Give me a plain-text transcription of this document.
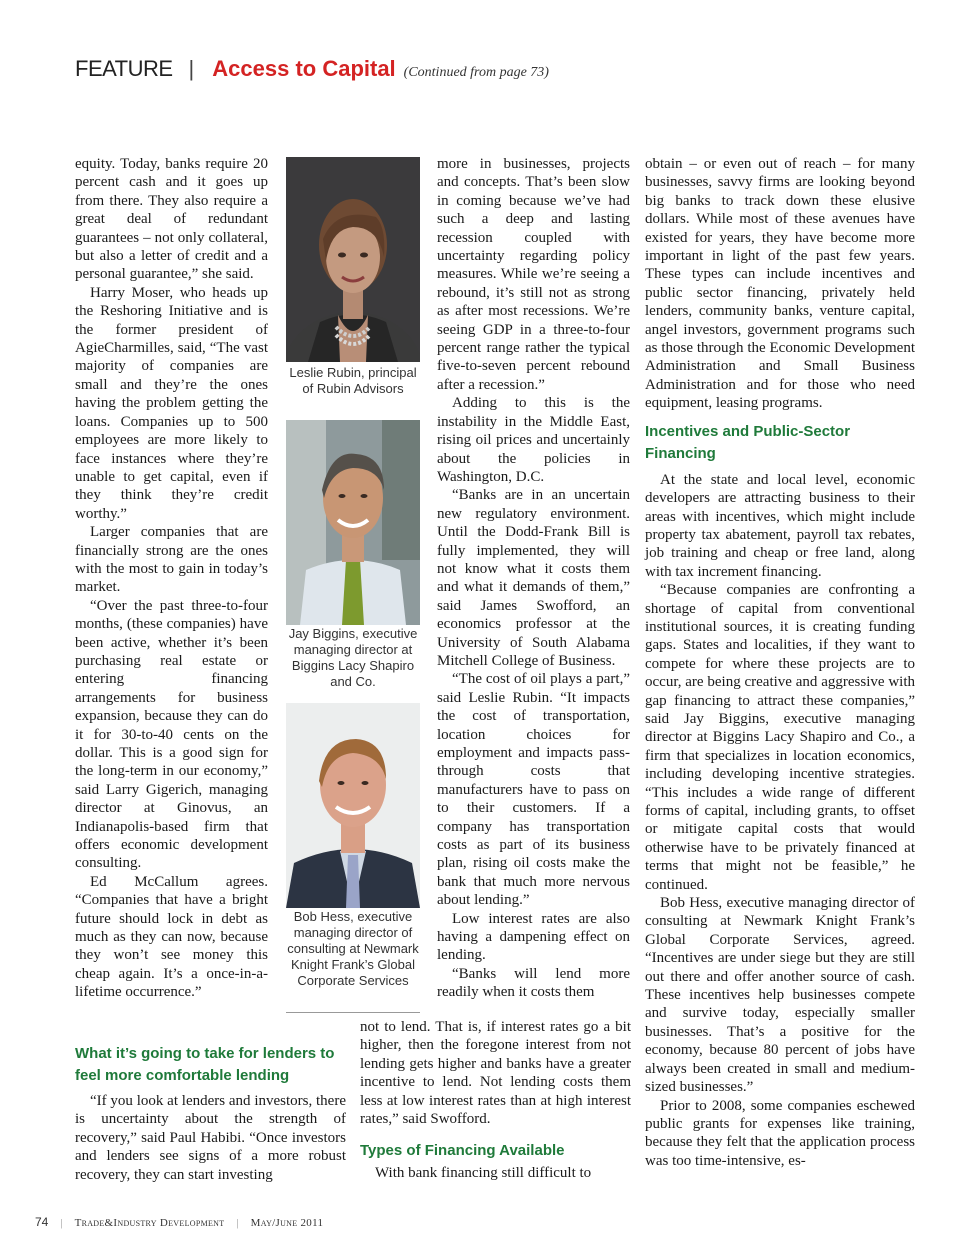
FEATURE | Access to Capital (Continued from page 73)

equity. Today, banks require 20 percent cash and it goes up from there. They also require a great deal of redundant guarantees – not only collateral, but also a letter of credit and a personal guarantee,” she said.

Harry Moser, who heads up the Reshoring Initiative and is the former president of AgieCharmilles, said, “The vast majority of companies are small and they’re the ones having the problem getting the loans. Companies up to 500 employees are more likely to face instances where they’re unable to get capital, even if they think they’re credit worthy.”

Larger companies that are financially strong are the ones with the most to gain in today’s market.

“Over the past three-to-four months, (these companies) have been active, whether it’s been purchasing real estate or entering financing arrangements for business expansion, because they can do it for 30-to-40 cents on the dollar. This is a good sign for the long-term in our economy,” said Larry Gigerich, managing director at Ginovus, an Indianapolis-based firm that offers economic development consulting.

Ed McCallum agrees. “Companies that have a bright future should lock in debt as much as they can now, because they won’t see money this cheap again. It’s a once-in-a-lifetime occurrence.”

What it’s going to take for lenders to feel more comfortable lending

“If you look at lenders and investors, there is uncertainty about the strength of recovery,” said Paul Habibi. “Once investors and lenders see signs of a more robust recovery, they can start investing

Leslie Rubin, principal of Rubin Advisors
Jay Biggins, executive managing director at Biggins Lacy Shapiro and Co.
Bob Hess, executive managing director of consulting at Newmark Knight Frank’s Global Corporate Services

more in businesses, projects and concepts. That’s been slow in coming because we’ve had such a deep and lasting recession coupled with uncertainty regarding policy measures. While we’re seeing a rebound, it’s still not as strong as after most recessions. We’re seeing GDP in a three-to-four percent range rather the typical five-to-seven percent rebound after a recession.”

Adding to this is the instability in the Middle East, rising oil prices and uncertainly about the policies in Washington, D.C.

“Banks are in an uncertain new regulatory environment. Until the Dodd-Frank Bill is fully implemented, they will not know what it costs them and what it demands of them,” said James Swofford, an economics professor at the University of South Alabama Mitchell College of Business.

“The cost of oil plays a part,” said Leslie Rubin. “It impacts the cost of transportation, location choices for employment and impacts pass-through costs that manufacturers have to pass on to their customers. If a company has transportation costs as part of its business plan, rising oil costs make the bank that much more nervous about lending.”

Low interest rates are also having a dampening effect on lending.

“Banks will lend more readily when it costs them

not to lend. That is, if interest rates go a bit higher, then the foregone interest from not lending gets higher and banks have a greater incentive to lend. Not lending costs them less at low interest rates than at high interest rates,” said Swofford.

Types of Financing Available

With bank financing still difficult to

obtain – or even out of reach – for many businesses, savvy firms are looking beyond big banks to track down these elusive dollars. While most of these avenues have existed for years, they have become more important in light of the past few years. These types can include incentives and public sector financing, privately held lenders, community banks, venture capital, angel investors, government programs such as those through the Economic Development Administration and Small Business Administration and for those who need equipment, leasing programs.

Incentives and Public-Sector Financing

At the state and local level, economic developers are attracting business to their areas with incentives, which might include property tax abatement, payroll tax rebates, job training and cheap or free land, along with tax increment financing.

“Because companies are confronting a shortage of capital from conventional institutional sources, it is creating funding gaps. States and localities, if they want to compete for where these projects are to occur, are being creative and aggressive with gap financing to attract these companies,” said Jay Biggins, executive managing director at Biggins Lacy Shapiro and Co., a firm that specializes in location economics, including developing incentive strategies. “This includes a wide range of different forms of capital, including grants, to offset or mitigate capital costs that would otherwise have to be privately financed at terms that might not be feasible,” he continued.

Bob Hess, executive managing director of consulting at Newmark Knight Frank’s Global Corporate Services, agreed. “Incentives are under siege but they are still out there and offer another source of cash. These incentives help businesses compete and survive today, especially smaller businesses. That’s a positive for the economy, because 80 percent of jobs have always been created in small and medium-sized businesses.”

Prior to 2008, some companies eschewed public grants for expenses like training, because they felt that the application process was too time-intensive, es-

74 | Trade&Industry Development | May/June 2011
